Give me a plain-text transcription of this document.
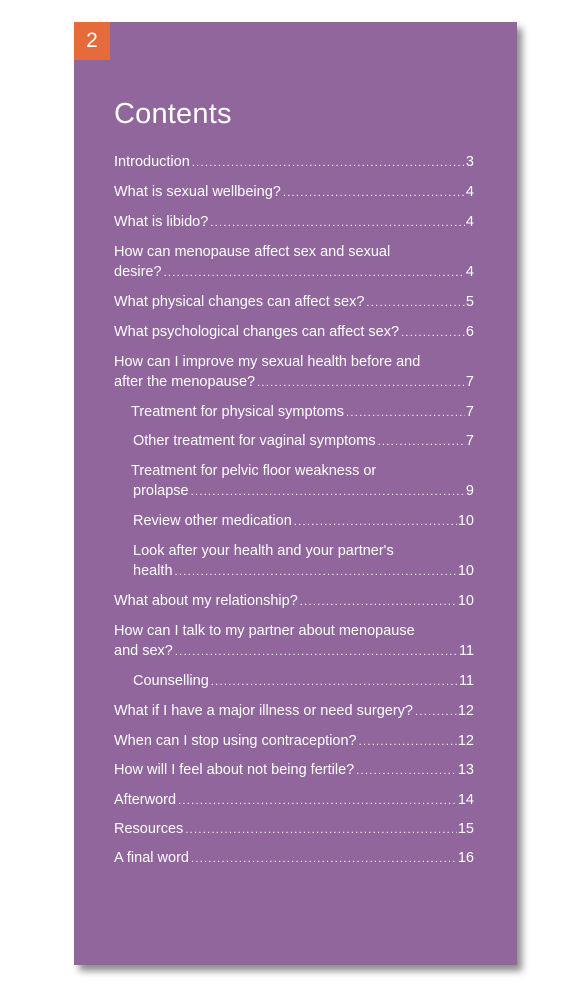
2
Contents
Introduction .....	3
What is sexual wellbeing? .....	4
What is libido? .....	4
How can menopause affect sex and sexual
desire? .....	4
What physical changes can affect sex? .....	5
What psychological changes can affect sex? .....	6
How can I improve my sexual health before and
after the menopause? .....	7
Treatment for physical symptoms .....	7
Other treatment for vaginal symptoms .....	7
Treatment for pelvic floor weakness or
prolapse .....	9
Review other medication .....	10
Look after your health and your partner's
health .....	10
What about my relationship? .....	10
How can I talk to my partner about menopause
and sex? .....	11
Counselling .....	11
What if I have a major illness or need surgery? .....	12
When can I stop using contraception? .....	12
How will I feel about not being fertile? .....	13
Afterword .....	14
Resources .....	15
A final word .....	16
